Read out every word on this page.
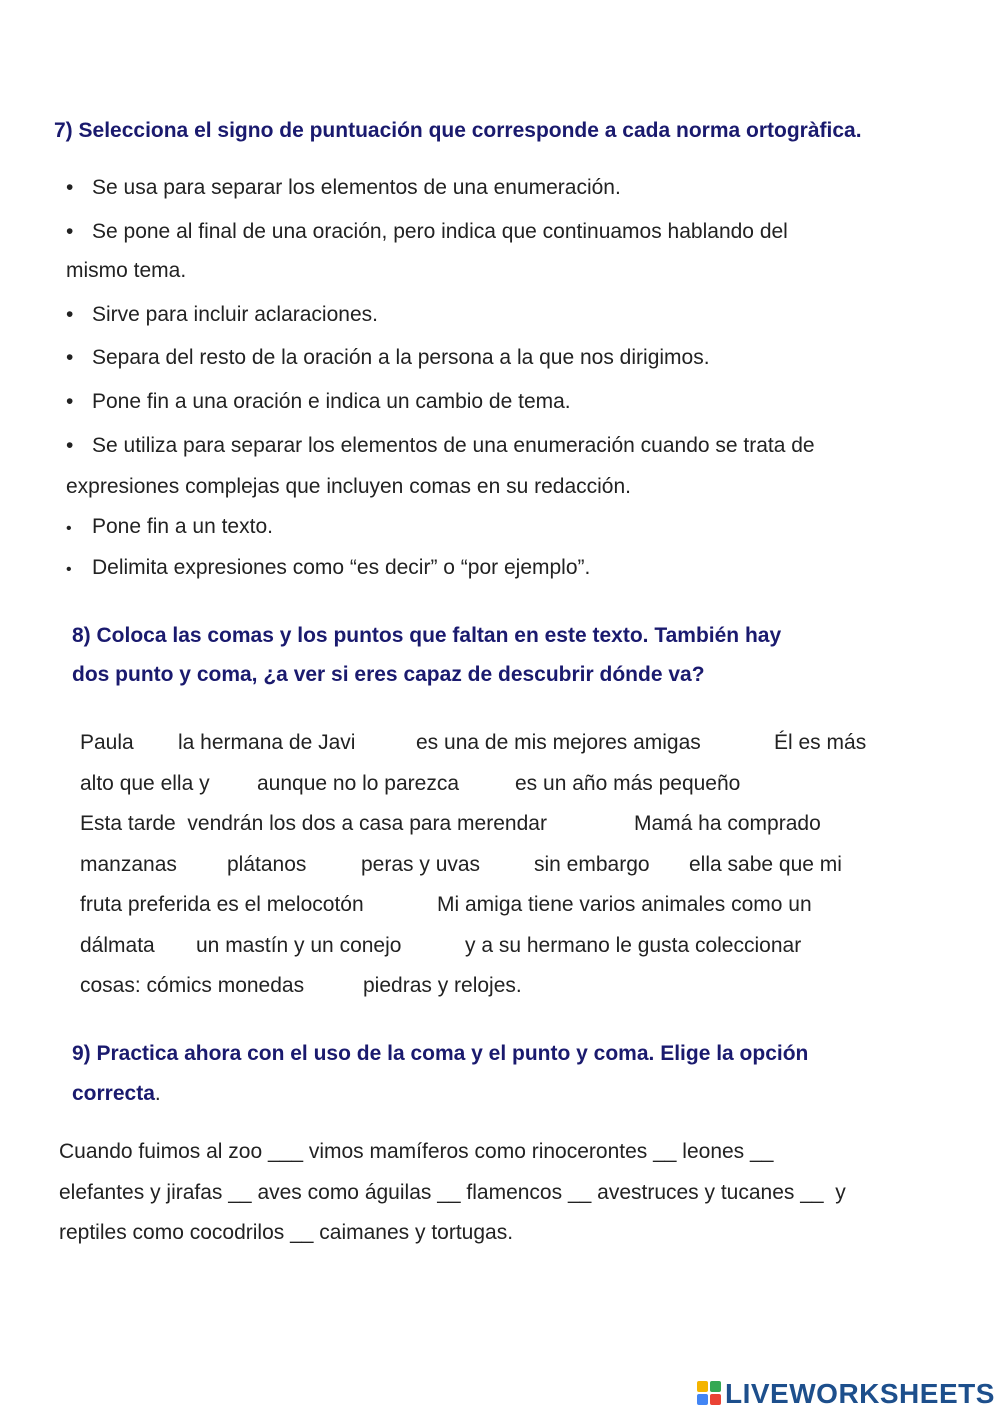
7) Selecciona el signo de puntuación que corresponde a cada norma ortogràfica.
• Se usa para separar los elementos de una enumeración.
• Se pone al final de una oración, pero indica que continuamos hablando del
mismo tema.
• Sirve para incluir aclaraciones.
• Separa del resto de la oración a la persona a la que nos dirigimos.
• Pone fin a una oración e indica un cambio de tema.
• Se utiliza para separar los elementos de una enumeración cuando se trata de
expresiones complejas que incluyen comas en su redacción.
• Pone fin a un texto.
• Delimita expresiones como “es decir” o “por ejemplo”.
8) Coloca las comas y los puntos que faltan en este texto. También hay
dos punto y coma, ¿a ver si eres capaz de descubrir dónde va?
Paula la hermana de Javi	es una de mis mejores amigas	Él es más
alto que ella y aunque no lo parezca	es un año más pequeño
Esta tarde  vendrán los dos a casa para merendar	Mamá ha comprado
manzanas plátanos	peras y uvas	sin embargo ella sabe que mi
fruta preferida es el melocotón	Mi amiga tiene varios animales como un
dálmata un mastín y un conejo	y a su hermano le gusta coleccionar
cosas: cómics monedas	piedras y relojes.
9) Practica ahora con el uso de la coma y el punto y coma. Elige la opción
correcta.
Cuando fuimos al zoo ___ vimos mamíferos como rinocerontes __ leones __
elefantes y jirafas __ aves como águilas __ flamencos __ avestruces y tucanes __  y
reptiles como cocodrilos __ caimanes y tortugas.
LIVEWORKSHEETS
